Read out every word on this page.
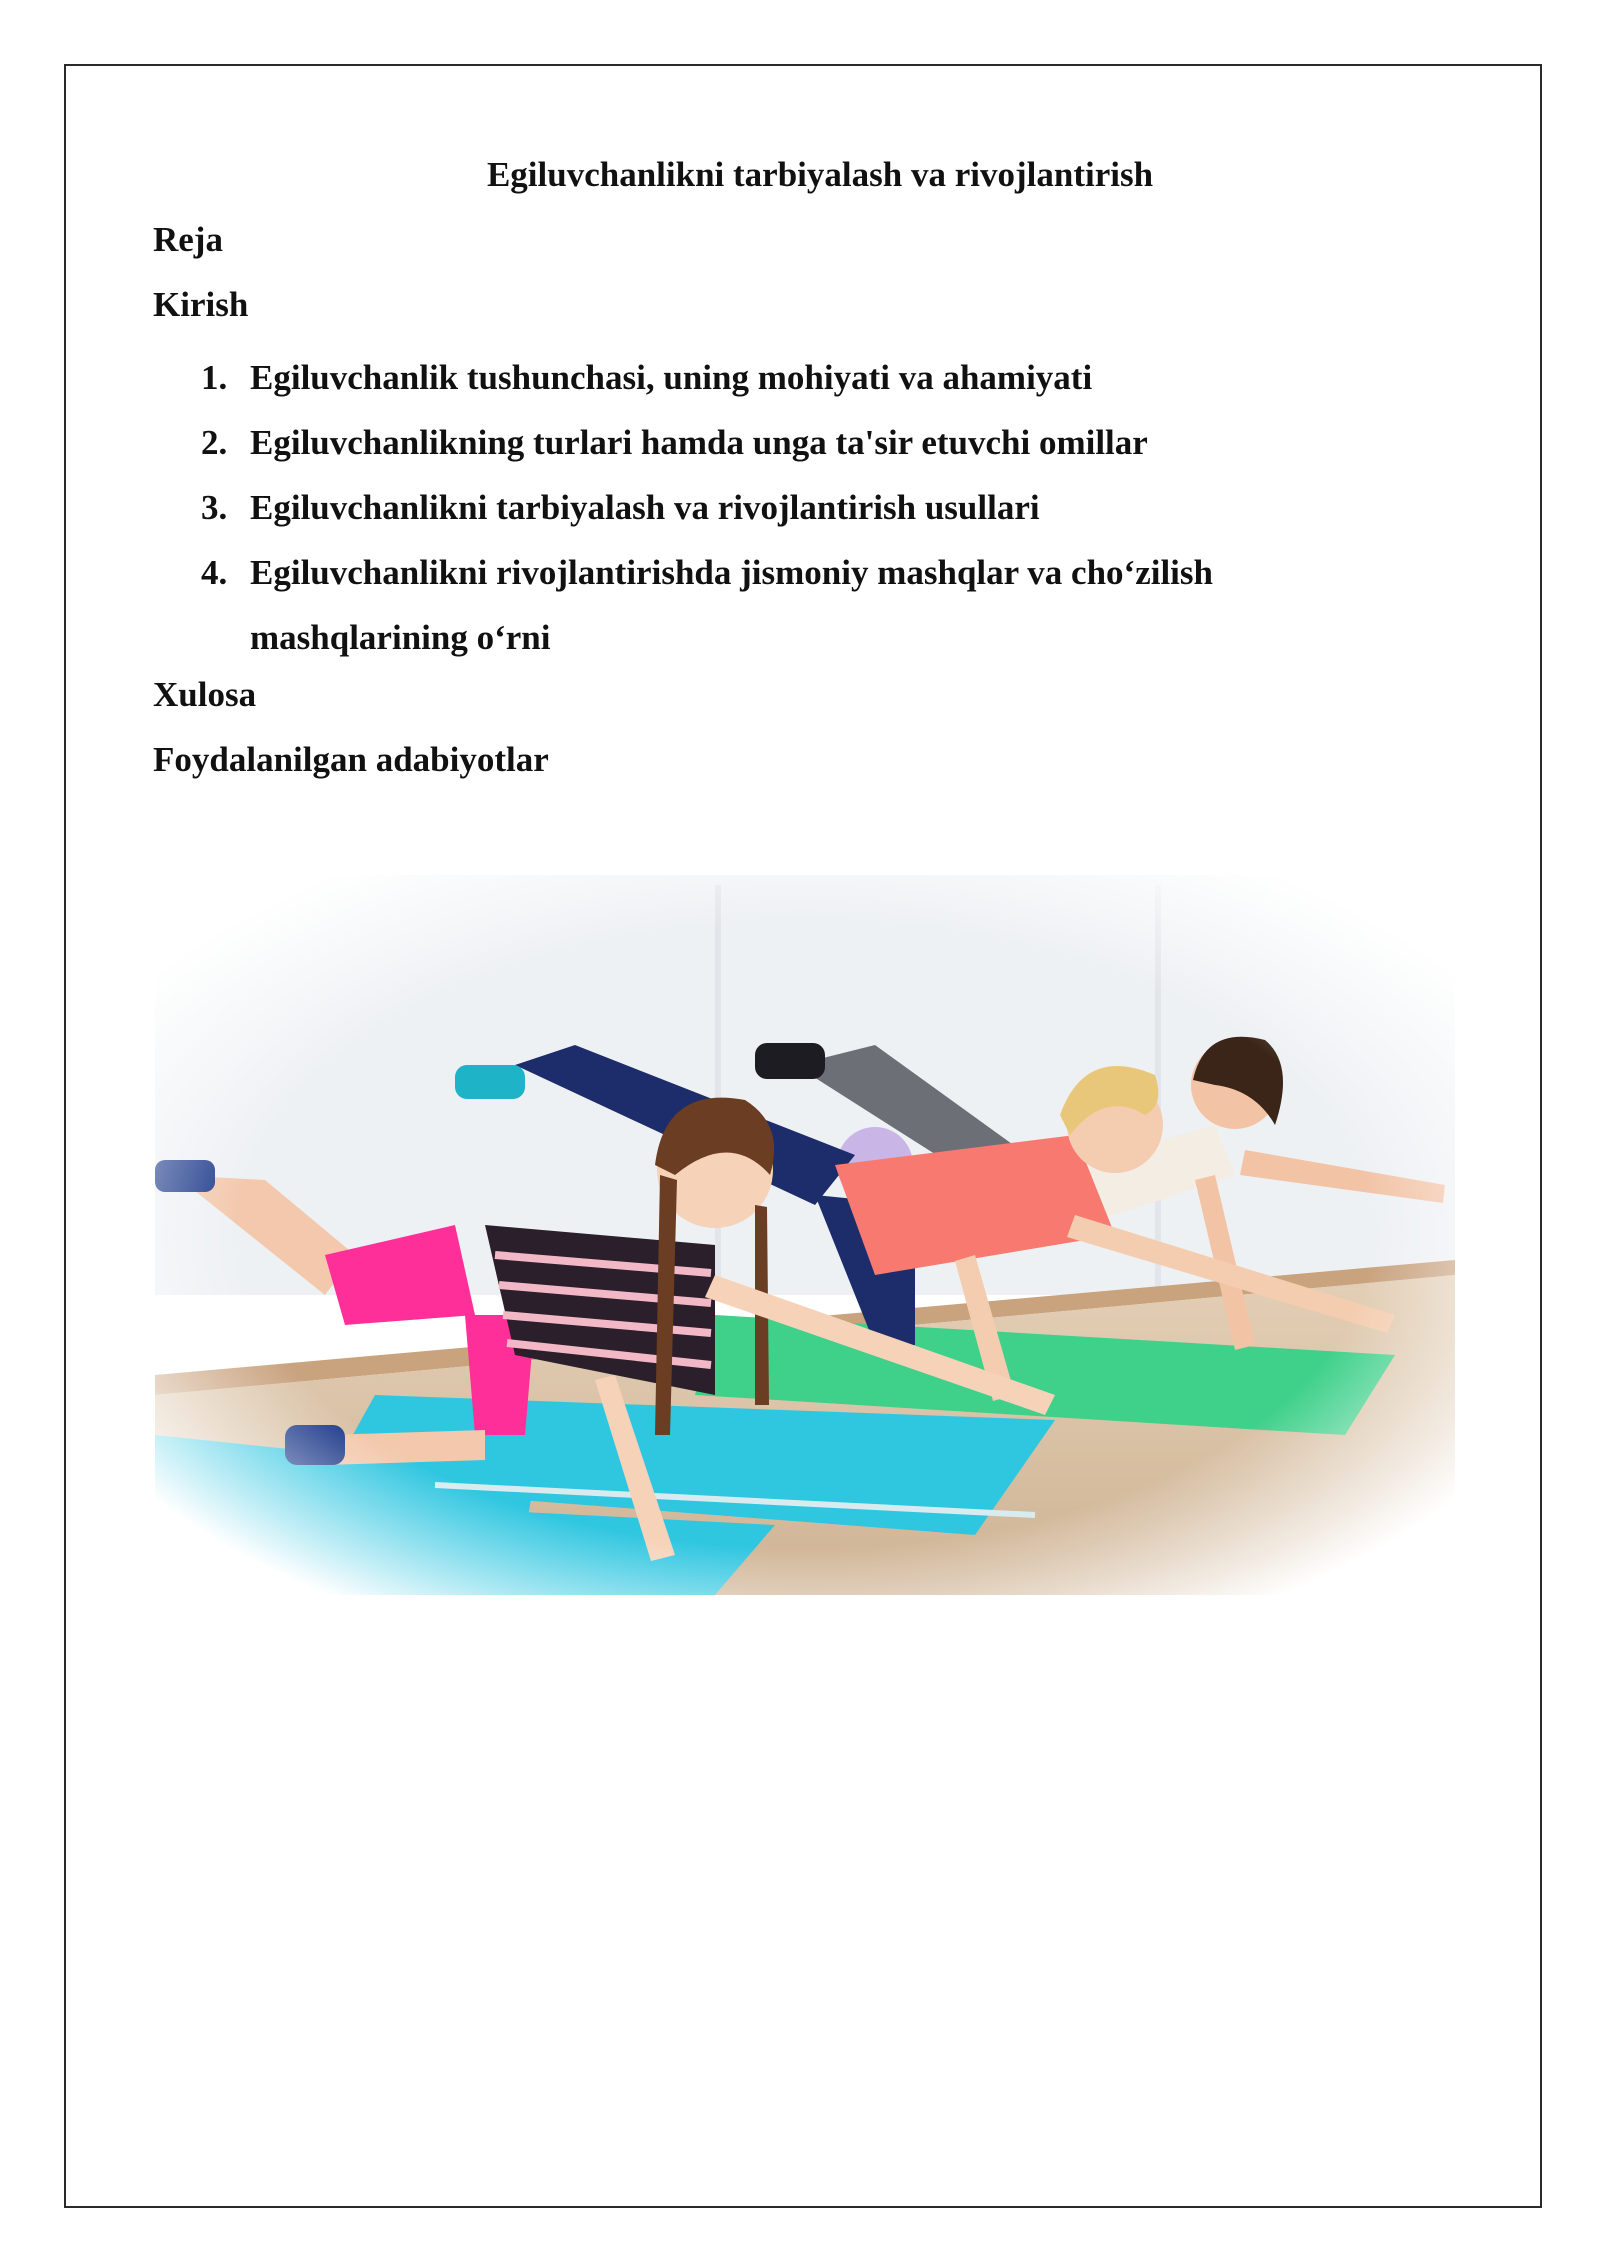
Egiluvchanlikni tarbiyalash va rivojlantirish
Reja
Kirish
1. Egiluvchanlik tushunchasi, uning mohiyati va ahamiyati
2. Egiluvchanlikning turlari hamda unga ta'sir etuvchi omillar
3. Egiluvchanlikni tarbiyalash va rivojlantirish usullari
4. Egiluvchanlikni rivojlantirishda jismoniy mashqlar va cho‘zilish mashqlarining o‘rni
Xulosa
Foydalanilgan adabiyotlar
